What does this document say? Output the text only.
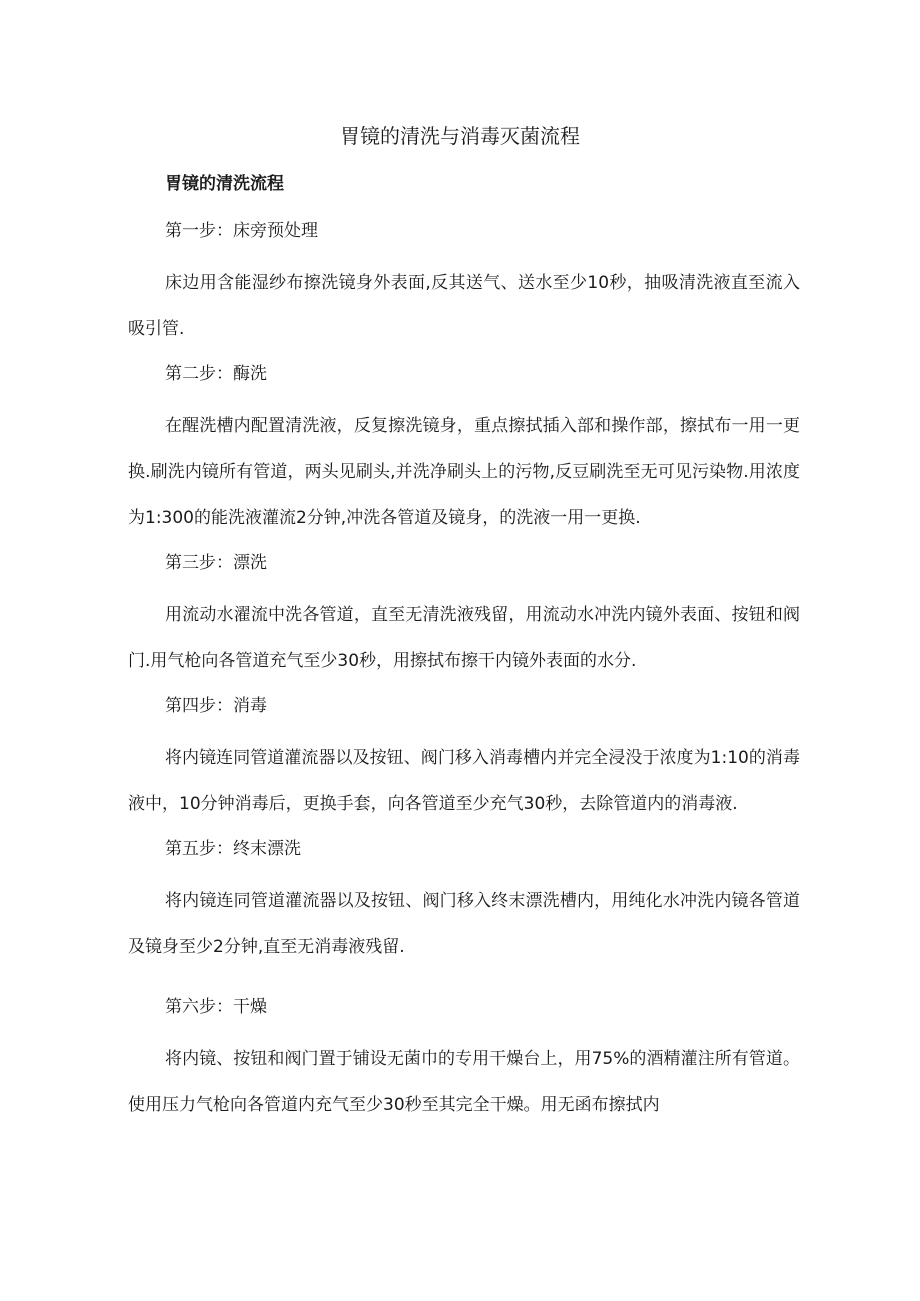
胃镜的清洗与消毒灭菌流程
胃镜的清洗流程

第一步：床旁预处理

床边用含能湿纱布擦洗镜身外表面,反其送气、送水至少10秒，抽吸清洗液直至流入吸引管.

第二步：酶洗

在醒洗槽内配置清洗液，反复擦洗镜身，重点擦拭插入部和操作部，擦拭布一用一更换.刷洗内镜所有管道，两头见刷头,并洗净刷头上的污物,反豆刷洗至无可见污染物.用浓度为1:300的能洗液灌流2分钟,冲洗各管道及镜身，的洗液一用一更换.

第三步：漂洗

用流动水濯流中洗各管道，直至无清洗液残留，用流动水冲洗内镜外表面、按钮和阀门.用气枪向各管道充气至少30秒，用擦拭布擦干内镜外表面的水分.

第四步：消毒

将内镜连同管道灌流器以及按钮、阀门移入消毒槽内并完全浸没于浓度为1:10的消毒液中，10分钟消毒后，更换手套，向各管道至少充气30秒，去除管道内的消毒液.

第五步：终末漂洗

将内镜连同管道灌流器以及按钮、阀门移入终末漂洗槽内，用纯化水冲洗内镜各管道及镜身至少2分钟,直至无消毒液残留.

第六步：干燥

将内镜、按钮和阀门置于铺设无菌巾的专用干燥台上，用75%的酒精灌注所有管道。使用压力气枪向各管道内充气至少30秒至其完全干燥。用无函布擦拭内
